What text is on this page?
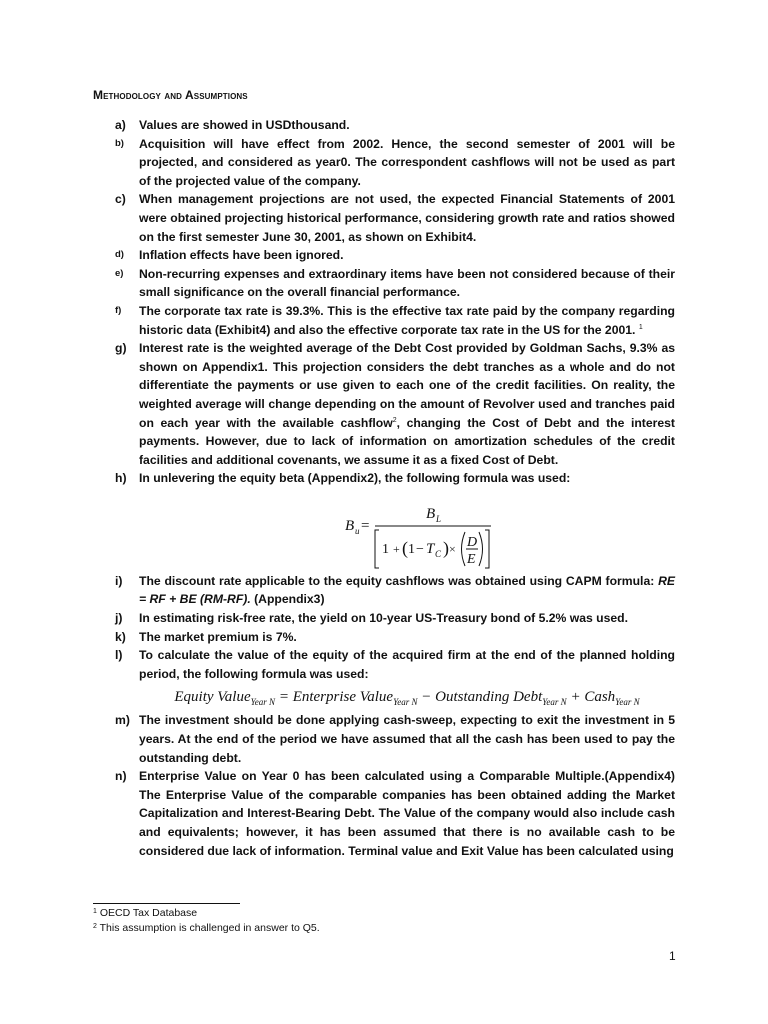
Methodology and Assumptions
a) Values are showed in USDthousand.
b) Acquisition will have effect from 2002. Hence, the second semester of 2001 will be projected, and considered as year0. The correspondent cashflows will not be used as part of the projected value of the company.
c) When management projections are not used, the expected Financial Statements of 2001 were obtained projecting historical performance, considering growth rate and ratios showed on the first semester June 30, 2001, as shown on Exhibit4.
d) Inflation effects have been ignored.
e) Non-recurring expenses and extraordinary items have been not considered because of their small significance on the overall financial performance.
f) The corporate tax rate is 39.3%. This is the effective tax rate paid by the company regarding historic data (Exhibit4) and also the effective corporate tax rate in the US for the 2001. $^1$
g) Interest rate is the weighted average of the Debt Cost provided by Goldman Sachs, 9.3% as shown on Appendix1. This projection considers the debt tranches as a whole and do not differentiate the payments or use given to each one of the credit facilities. On reality, the weighted average will change depending on the amount of Revolver used and tranches paid on each year with the available cashflow$^2$, changing the Cost of Debt and the interest payments. However, due to lack of information on amortization schedules of the credit facilities and additional covenants, we assume it as a fixed Cost of Debt.
h) In unlevering the equity beta (Appendix2), the following formula was used:
B u =
B L
1 + ( 1 − T C ) × D
E
i) The discount rate applicable to the equity cashflows was obtained using CAPM formula: RE = RF + BE (RM-RF). (Appendix3)
j) In estimating risk-free rate, the yield on 10-year US-Treasury bond of 5.2% was used.
k) The market premium is 7%.
l) To calculate the value of the equity of the acquired firm at the end of the planned holding period, the following formula was used:
Equity Value$_{Year N}$ = Enterprise Value$_{Year N}$ − Outstanding Debt$_{Year N}$ + Cash$_{Year N}$
m) The investment should be done applying cash-sweep, expecting to exit the investment in 5 years. At the end of the period we have assumed that all the cash has been used to pay the outstanding debt.
n) Enterprise Value on Year 0 has been calculated using a Comparable Multiple.(Appendix4) The Enterprise Value of the comparable companies has been obtained adding the Market Capitalization and Interest-Bearing Debt. The Value of the company would also include cash and equivalents; however, it has been assumed that there is no available cash to be considered due lack of information. Terminal value and Exit Value has been calculated using
$^1$ OECD Tax Database
$^2$ This assumption is challenged in answer to Q5.
1
